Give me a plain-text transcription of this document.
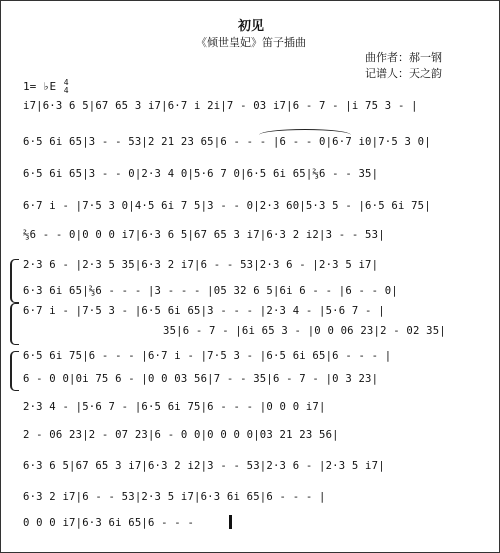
初见
《倾世皇妃》笛子插曲
曲作者：郝一钢
记谱人：天之韵
1= ♭E 4
4
i7|6·3 6 5|67 65 3 i7|6·7 i 2i|7 - 03 i7|6 - 7 - |i 75 3 - |
6·5 6i 65|3 - - 53|2 21 23 65|6 - - - |6 - - 0|6·7 i0|7·5 3 0|
6·5 6i 65|3 - - 0|2·3 4 0|5·6 7 0|6·5 6i 65|⅔6 - - 35|
6·7 i - |7·5 3 0|4·5 6i 7 5|3 - - 0|2·3 60|5·3 5 - |6·5 6i 75|
⅔6 - - 0|0 0 0 i7|6·3 6 5|67 65 3 i7|6·3 2 i2|3 - - 53|
2·3 6 - |2·3 5 35|6·3 2 i7|6 - - 53|2·3 6 - |2·3 5 i7|
6·3 6i 65|⅔6 - - - |3 - - - |05 32 6 5|6i 6 - - |6 - - 0|
6·7 i - |7·5 3 - |6·5 6i 65|3 - - - |2·3 4 - |5·6 7 - |
35|6 - 7 - |6i 65 3 - |0 0 06 23|2 - 02 35|
6·5 6i 75|6 - - - |6·7 i - |7·5 3 - |6·5 6i 65|6 - - - |
6 - 0 0|0i 75 6 - |0 0 03 56|7 - - 35|6 - 7 - |0 3 23|
2·3 4 - |5·6 7 - |6·5 6i 75|6 - - - |0 0 0 i7|
2 - 06 23|2 - 07 23|6 - 0 0|0 0 0 0|03 21 23 56|
6·3 6 5|67 65 3 i7|6·3 2 i2|3 - - 53|2·3 6 - |2·3 5 i7|
6·3 2 i7|6 - - 53|2·3 5 i7|6·3 6i 65|6 - - - |
0 0 0 i7|6·3 6i 65|6 - - -
